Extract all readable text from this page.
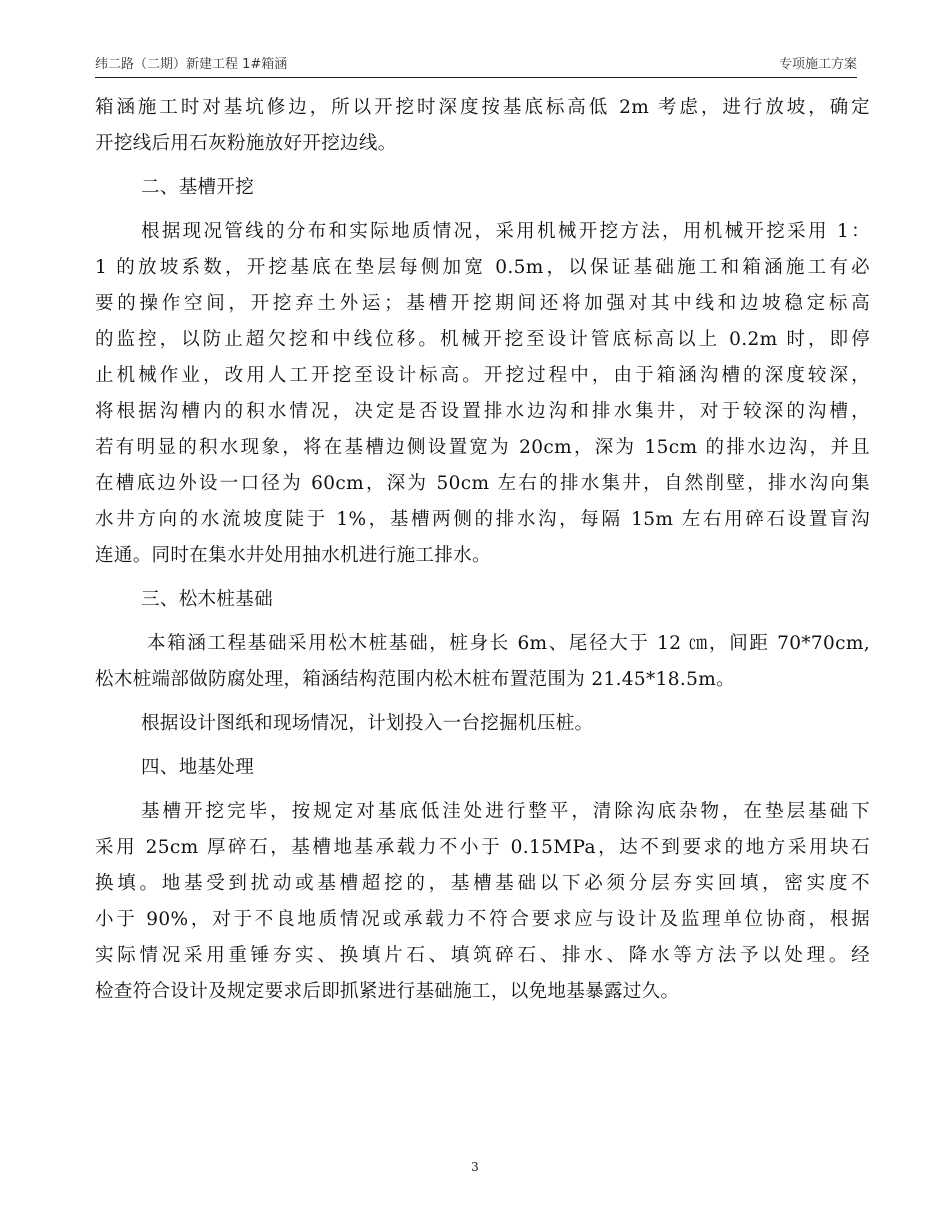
纬二路（二期）新建工程 1#箱涵	专项施工方案
箱涵施工时对基坑修边，所以开挖时深度按基底标高低 2m 考虑，进行放坡，确定
开挖线后用石灰粉施放好开挖边线。
二、基槽开挖
根据现况管线的分布和实际地质情况，采用机械开挖方法，用机械开挖采用 1：
1 的放坡系数，开挖基底在垫层每侧加宽 0.5m，以保证基础施工和箱涵施工有必
要的操作空间，开挖弃土外运；基槽开挖期间还将加强对其中线和边坡稳定标高
的监控，以防止超欠挖和中线位移。机械开挖至设计管底标高以上 0.2m 时，即停
止机械作业，改用人工开挖至设计标高。开挖过程中，由于箱涵沟槽的深度较深，
将根据沟槽内的积水情况，决定是否设置排水边沟和排水集井，对于较深的沟槽，
若有明显的积水现象，将在基槽边侧设置宽为 20cm，深为 15cm 的排水边沟，并且
在槽底边外设一口径为 60cm，深为 50cm 左右的排水集井，自然削壁，排水沟向集
水井方向的水流坡度陡于 1%，基槽两侧的排水沟，每隔 15m 左右用碎石设置盲沟
连通。同时在集水井处用抽水机进行施工排水。
三、松木桩基础
本箱涵工程基础采用松木桩基础，桩身长 6m、尾径大于 12 ㎝，间距 70*70cm,
松木桩端部做防腐处理，箱涵结构范围内松木桩布置范围为 21.45*18.5m。
根据设计图纸和现场情况，计划投入一台挖掘机压桩。
四、地基处理
基槽开挖完毕，按规定对基底低洼处进行整平，清除沟底杂物，在垫层基础下
采用 25cm 厚碎石，基槽地基承载力不小于 0.15MPa，达不到要求的地方采用块石
换填。地基受到扰动或基槽超挖的，基槽基础以下必须分层夯实回填，密实度不
小于 90%，对于不良地质情况或承载力不符合要求应与设计及监理单位协商，根据
实际情况采用重锤夯实、换填片石、填筑碎石、排水、降水等方法予以处理。经
检查符合设计及规定要求后即抓紧进行基础施工，以免地基暴露过久。
3
